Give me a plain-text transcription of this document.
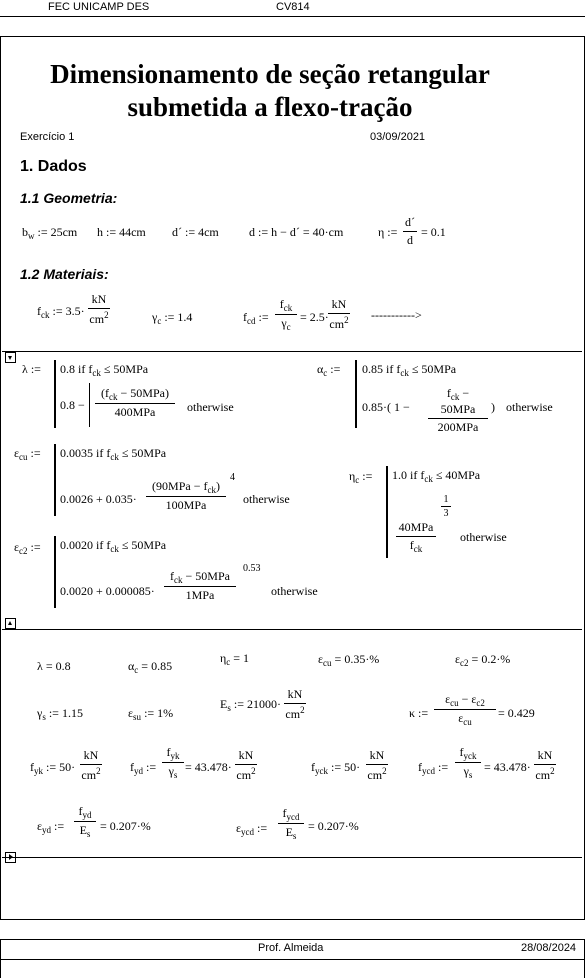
FEC UNICAMP DES	CV814
Dimensionamento de seção retangular
submetida a flexo-tração
Exercício 1	03/09/2021
1. Dados
1.1 Geometria:
$b_w$ := 25cm h := 44cm d´ := 4cm	d := h − d´ = 40·cm	η := $\frac{d´}{d} = 0.1$
1.2 Materiais:
$f_{ck}$ := $3.5\cdot \frac{kN}{cm^2}$	$\gamma_c$ := 1.4	$f_{cd}$ :=
$f_{ck}$
$\gamma_c$
= $2.5\cdot \frac{kN}{cm^2}$ ----------->
λ := 0.8 if $f_{ck} \le 50MPa$
0.8 −
$(f_{ck} - 50MPa)$
400MPa	otherwise
$\alpha_c$ := 0.85 if $f_{ck} \le 50MPa$
0.85·( 1 −
$f_{ck} - 50MPa$
200MPa
) otherwise
$\varepsilon_{cu}$ := 0.0035 if $f_{ck} \le 50MPa$
0.0026 + 0.035·
$(90MPa - f_{ck})$
100MPa
4
otherwise
$\eta_c$ := 1.0 if $f_{ck} \le 40MPa$
40MPa
$f_{ck}$
$\frac{1}{3}$
otherwise
$\varepsilon_{c2}$ := 0.0020 if $f_{ck} \le 50MPa$
0.0020 + 0.000085·
$f_{ck} - 50MPa$
1MPa
0.53
otherwise
λ = 0.8	$\alpha_c = 0.85$
$\eta_c = 1$	$\varepsilon_{cu} = 0.35\cdot\%$	$\varepsilon_{c2} = 0.2\cdot\%$
$\gamma_s$ := 1.15	$\varepsilon_{su}$ := 1%
$E_s$ := $21000\cdot \frac{kN}{cm^2}$	κ :=
$\varepsilon_{cu} - \varepsilon_{c2}$
$\varepsilon_{cu}$
= 0.429
$f_{yk}$ := $50\cdot \frac{kN}{cm^2} f_{yd}$ :=
$f_{yk}$
$\gamma_s$
= $43.478\cdot \frac{kN}{cm^2}$	$f_{yck}$ := $50\cdot \frac{kN}{cm^2}$	$f_{ycd}$ :=
$f_{yck}$
$\gamma_s$
= $43.478\cdot \frac{kN}{cm^2}$
$\varepsilon_{yd}$ :=
$f_{yd}$
$E_s$
= 0.207·%	$\varepsilon_{ycd}$ :=
$f_{ycd}$
$E_s$
= 0.207·%
Prof. Almeida	28/08/2024
